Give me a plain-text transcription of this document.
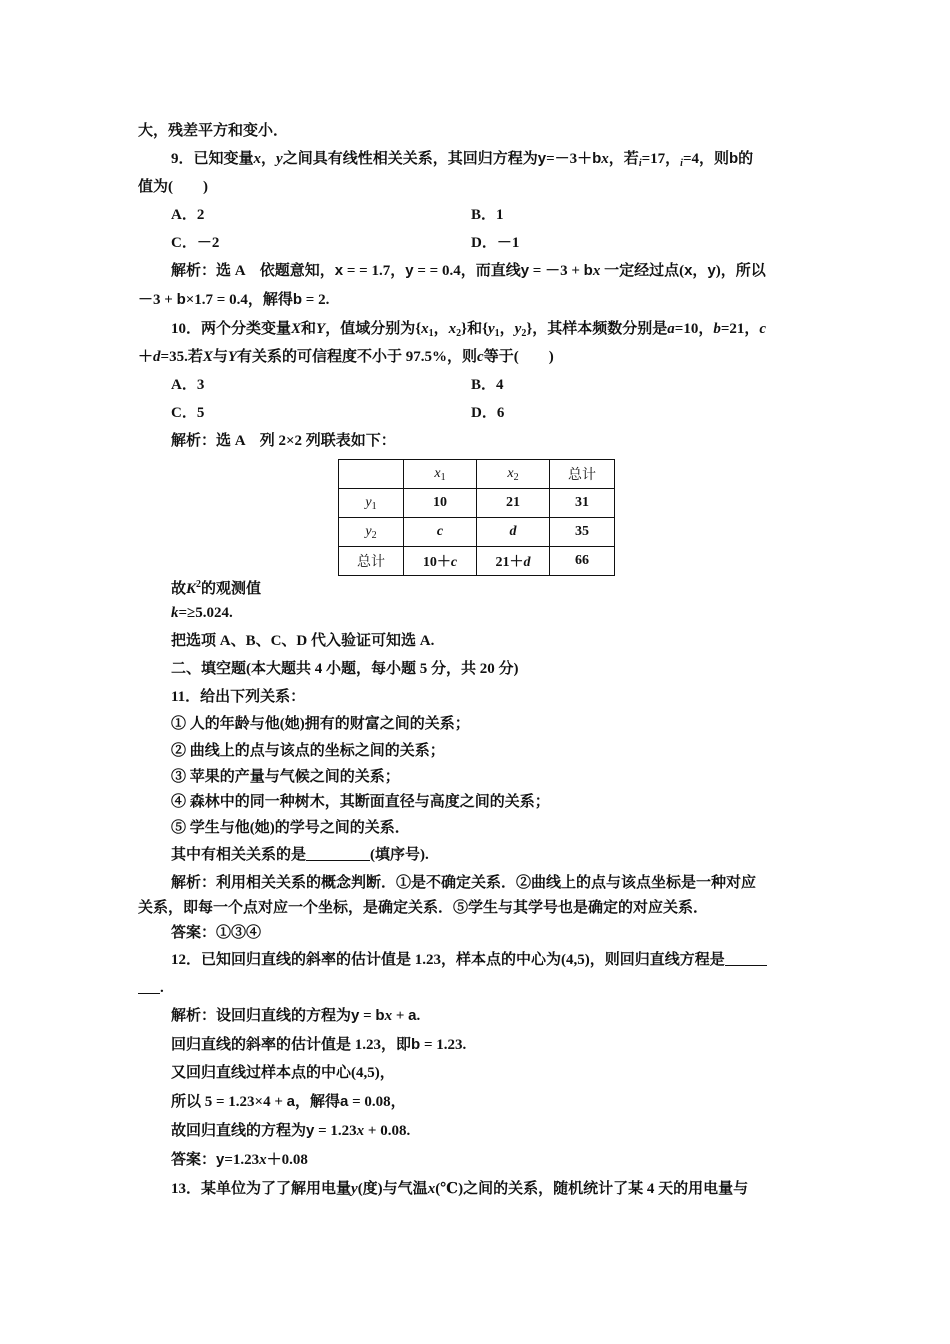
大，残差平方和变小．
9．已知变量x，y之间具有线性相关关系，其回归方程为y=－3＋bx，若$_i$=17，$_i$=4，则b的
值为(　　)
A．2	B．1
C．－2	D．－1
解析：选 A　依题意知，x = = 1.7，y = = 0.4，而直线y = －3 + bx 一定经过点(x，y)，所以
－3 + b×1.7 = 0.4，解得b = 2.
10．两个分类变量X和Y，值域分别为{$x_1$，$x_2$}和{$y_1$，$y_2$}，其样本频数分别是a=10，b=21，c
＋d=35.若X与Y有关系的可信程度不小于 97.5%，则c等于(　　)
A．3	B．4
C．5	D．6
解析：选 A　列 2×2 列联表如下：
	$x_1$	$x_2$	总计
$y_1$	10	21	31
$y_2$	c	d	35
总计	10＋c	21＋d	66
故$K^2$的观测值
k=≥5.024.
把选项 A、B、C、D 代入验证可知选 A.
二、填空题(本大题共 4 小题，每小题 5 分，共 20 分)
11．给出下列关系：
① 人的年龄与他(她)拥有的财富之间的关系；
② 曲线上的点与该点的坐标之间的关系；
③ 苹果的产量与气候之间的关系；
④ 森林中的同一种树木，其断面直径与高度之间的关系；
⑤ 学生与他(她)的学号之间的关系．
其中有相关关系的是	(填序号).
解析：利用相关关系的概念判断．①是不确定关系．②曲线上的点与该点坐标是一种对应
关系，即每一个点对应一个坐标，是确定关系．⑤学生与其学号也是确定的对应关系．
答案：①③④
12．已知回归直线的斜率的估计值是 1.23，样本点的中心为(4,5)，则回归直线方程是
.
解析：设回归直线的方程为y = bx + a.
回归直线的斜率的估计值是 1.23，即b = 1.23.
又回归直线过样本点的中心(4,5)，
所以 5 = 1.23×4 + a，解得a = 0.08，
故回归直线的方程为y = 1.23x + 0.08.
答案：y=1.23x＋0.08
13．某单位为了了解用电量y(度)与气温x(℃)之间的关系，随机统计了某 4 天的用电量与
